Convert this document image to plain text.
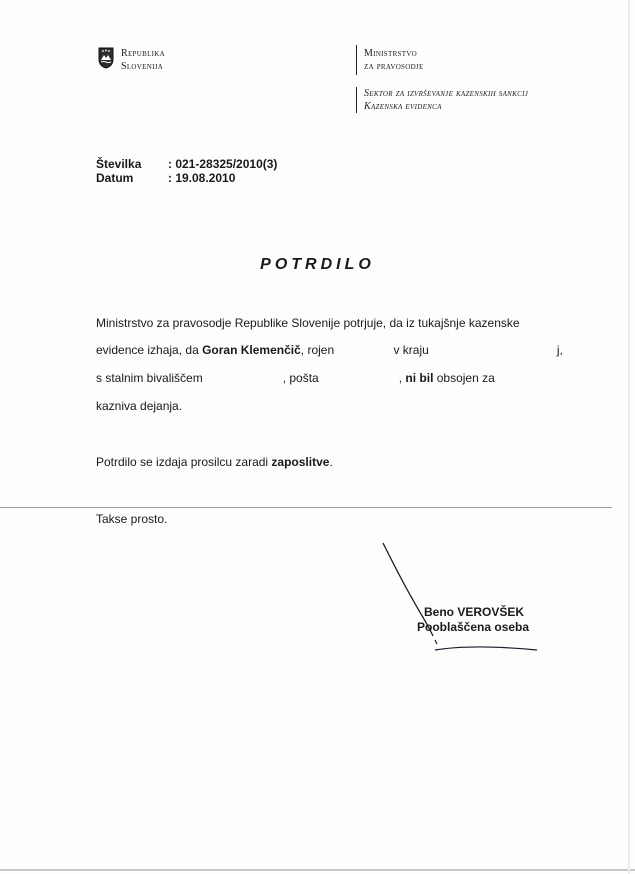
Republika
Slovenija
Ministrstvo
za pravosodje
Sektor za izvrševanje kazenskih sankcij
Kazenska evidenca
Številka : 021-28325/2010(3)
Datum	: 19.08.2010
POTRDILO
Ministrstvo za pravosodje Republike Slovenije potrjuje, da iz tukajšnje kazenske
evidence izhaja, da Goran Klemenčič, rojen	v kraju	j,
s stalnim bivališčem	, pošta	, ni bil obsojen za
kazniva dejanja.
Potrdilo se izdaja prosilcu zaradi zaposlitve.
Takse prosto.
Beno VEROVŠEK
Pooblaščena oseba
